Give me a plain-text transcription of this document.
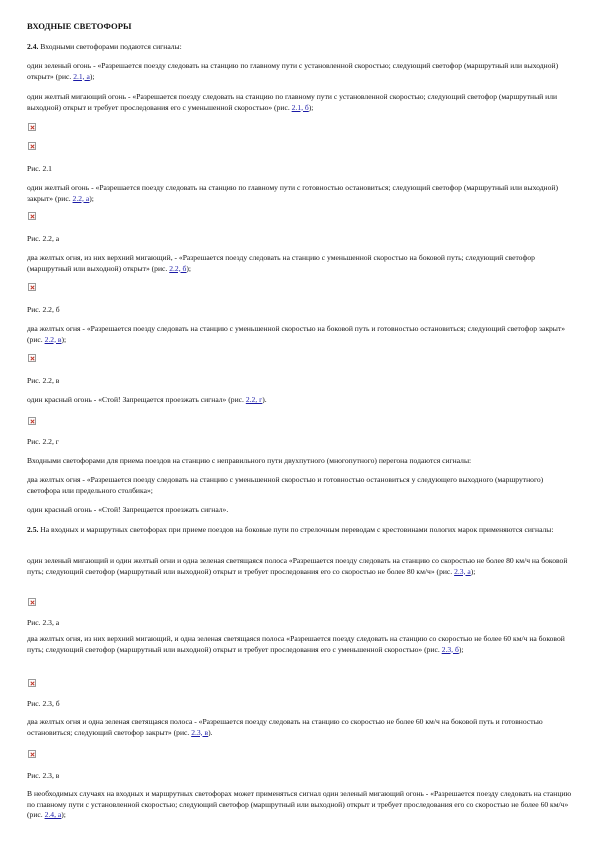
ВХОДНЫЕ СВЕТОФОРЫ

2.4. Входными светофорами подаются сигналы:

один зеленый огонь - «Разрешается поезду следовать на станцию по главному пути с установленной скоростью; следующий светофор (маршрутный или выходной) открыт» (рис. 2.1, а);

один желтый мигающий огонь - «Разрешается поезду следовать на станцию по главному пути с установленной скоростью; следующий светофор (маршрутный или выходной) открыт и требует проследования его с уменьшенной скоростью» (рис. 2.1, б);

Рис. 2.1

один желтый огонь - «Разрешается поезду следовать на станцию по главному пути с готовностью остановиться; следующий светофор (маршрутный или выходной) закрыт» (рис. 2.2, а);

Рис. 2.2, а

два желтых огня, из них верхний мигающий, - «Разрешается поезду следовать на станцию с уменьшенной скоростью на боковой путь; следующий светофор (маршрутный или выходной) открыт» (рис. 2.2, б);

Рис. 2.2, б

два желтых огня - «Разрешается поезду следовать на станцию с уменьшенной скоростью на боковой путь и готовностью остановиться; следующий светофор закрыт» (рис. 2.2, в);

Рис. 2.2, в

один красный огонь - «Стой! Запрещается проезжать сигнал» (рис. 2.2, г).

Рис. 2.2, г

Входными светофорами для приема поездов на станцию с неправильного пути двухпутного (многопутного) перегона подаются сигналы:

два желтых огня - «Разрешается поезду следовать на станцию с уменьшенной скоростью и готовностью остановиться у следующего выходного (маршрутного) светофора или предельного столбика»;

один красный огонь - «Стой! Запрещается проезжать сигнал».

2.5. На входных и маршрутных светофорах при приеме поездов на боковые пути по стрелочным переводам с крестовинами пологих марок применяются сигналы:

один зеленый мигающий и один желтый огни и одна зеленая светящаяся полоса «Разрешается поезду следовать на станцию со скоростью не более 80 км/ч на боковой путь; следующий светофор (маршрутный или выходной) открыт и требует проследования его со скоростью не более 80 км/ч» (рис. 2.3, а);

Рис. 2.3, а

два желтых огня, из них верхний мигающий, и одна зеленая светящаяся полоса «Разрешается поезду следовать на станцию со скоростью не более 60 км/ч на боковой путь; следующий светофор (маршрутный или выходной) открыт и требует проследования его с уменьшенной скоростью» (рис. 2.3, б);

Рис. 2.3, б

два желтых огня и одна зеленая светящаяся полоса - «Разрешается поезду следовать на станцию со скоростью не более 60 км/ч на боковой путь и готовностью остановиться; следующий светофор закрыт» (рис. 2.3, в).

Рис. 2.3, в

В необходимых случаях на входных и маршрутных светофорах может применяться сигнал один зеленый мигающий огонь - «Разрешается поезду следовать на станцию по главному пути с установленной скоростью; следующий светофор (маршрутный или выходной) открыт и требует проследования его со скоростью не более 60 км/ч» (рис. 2.4, а);
